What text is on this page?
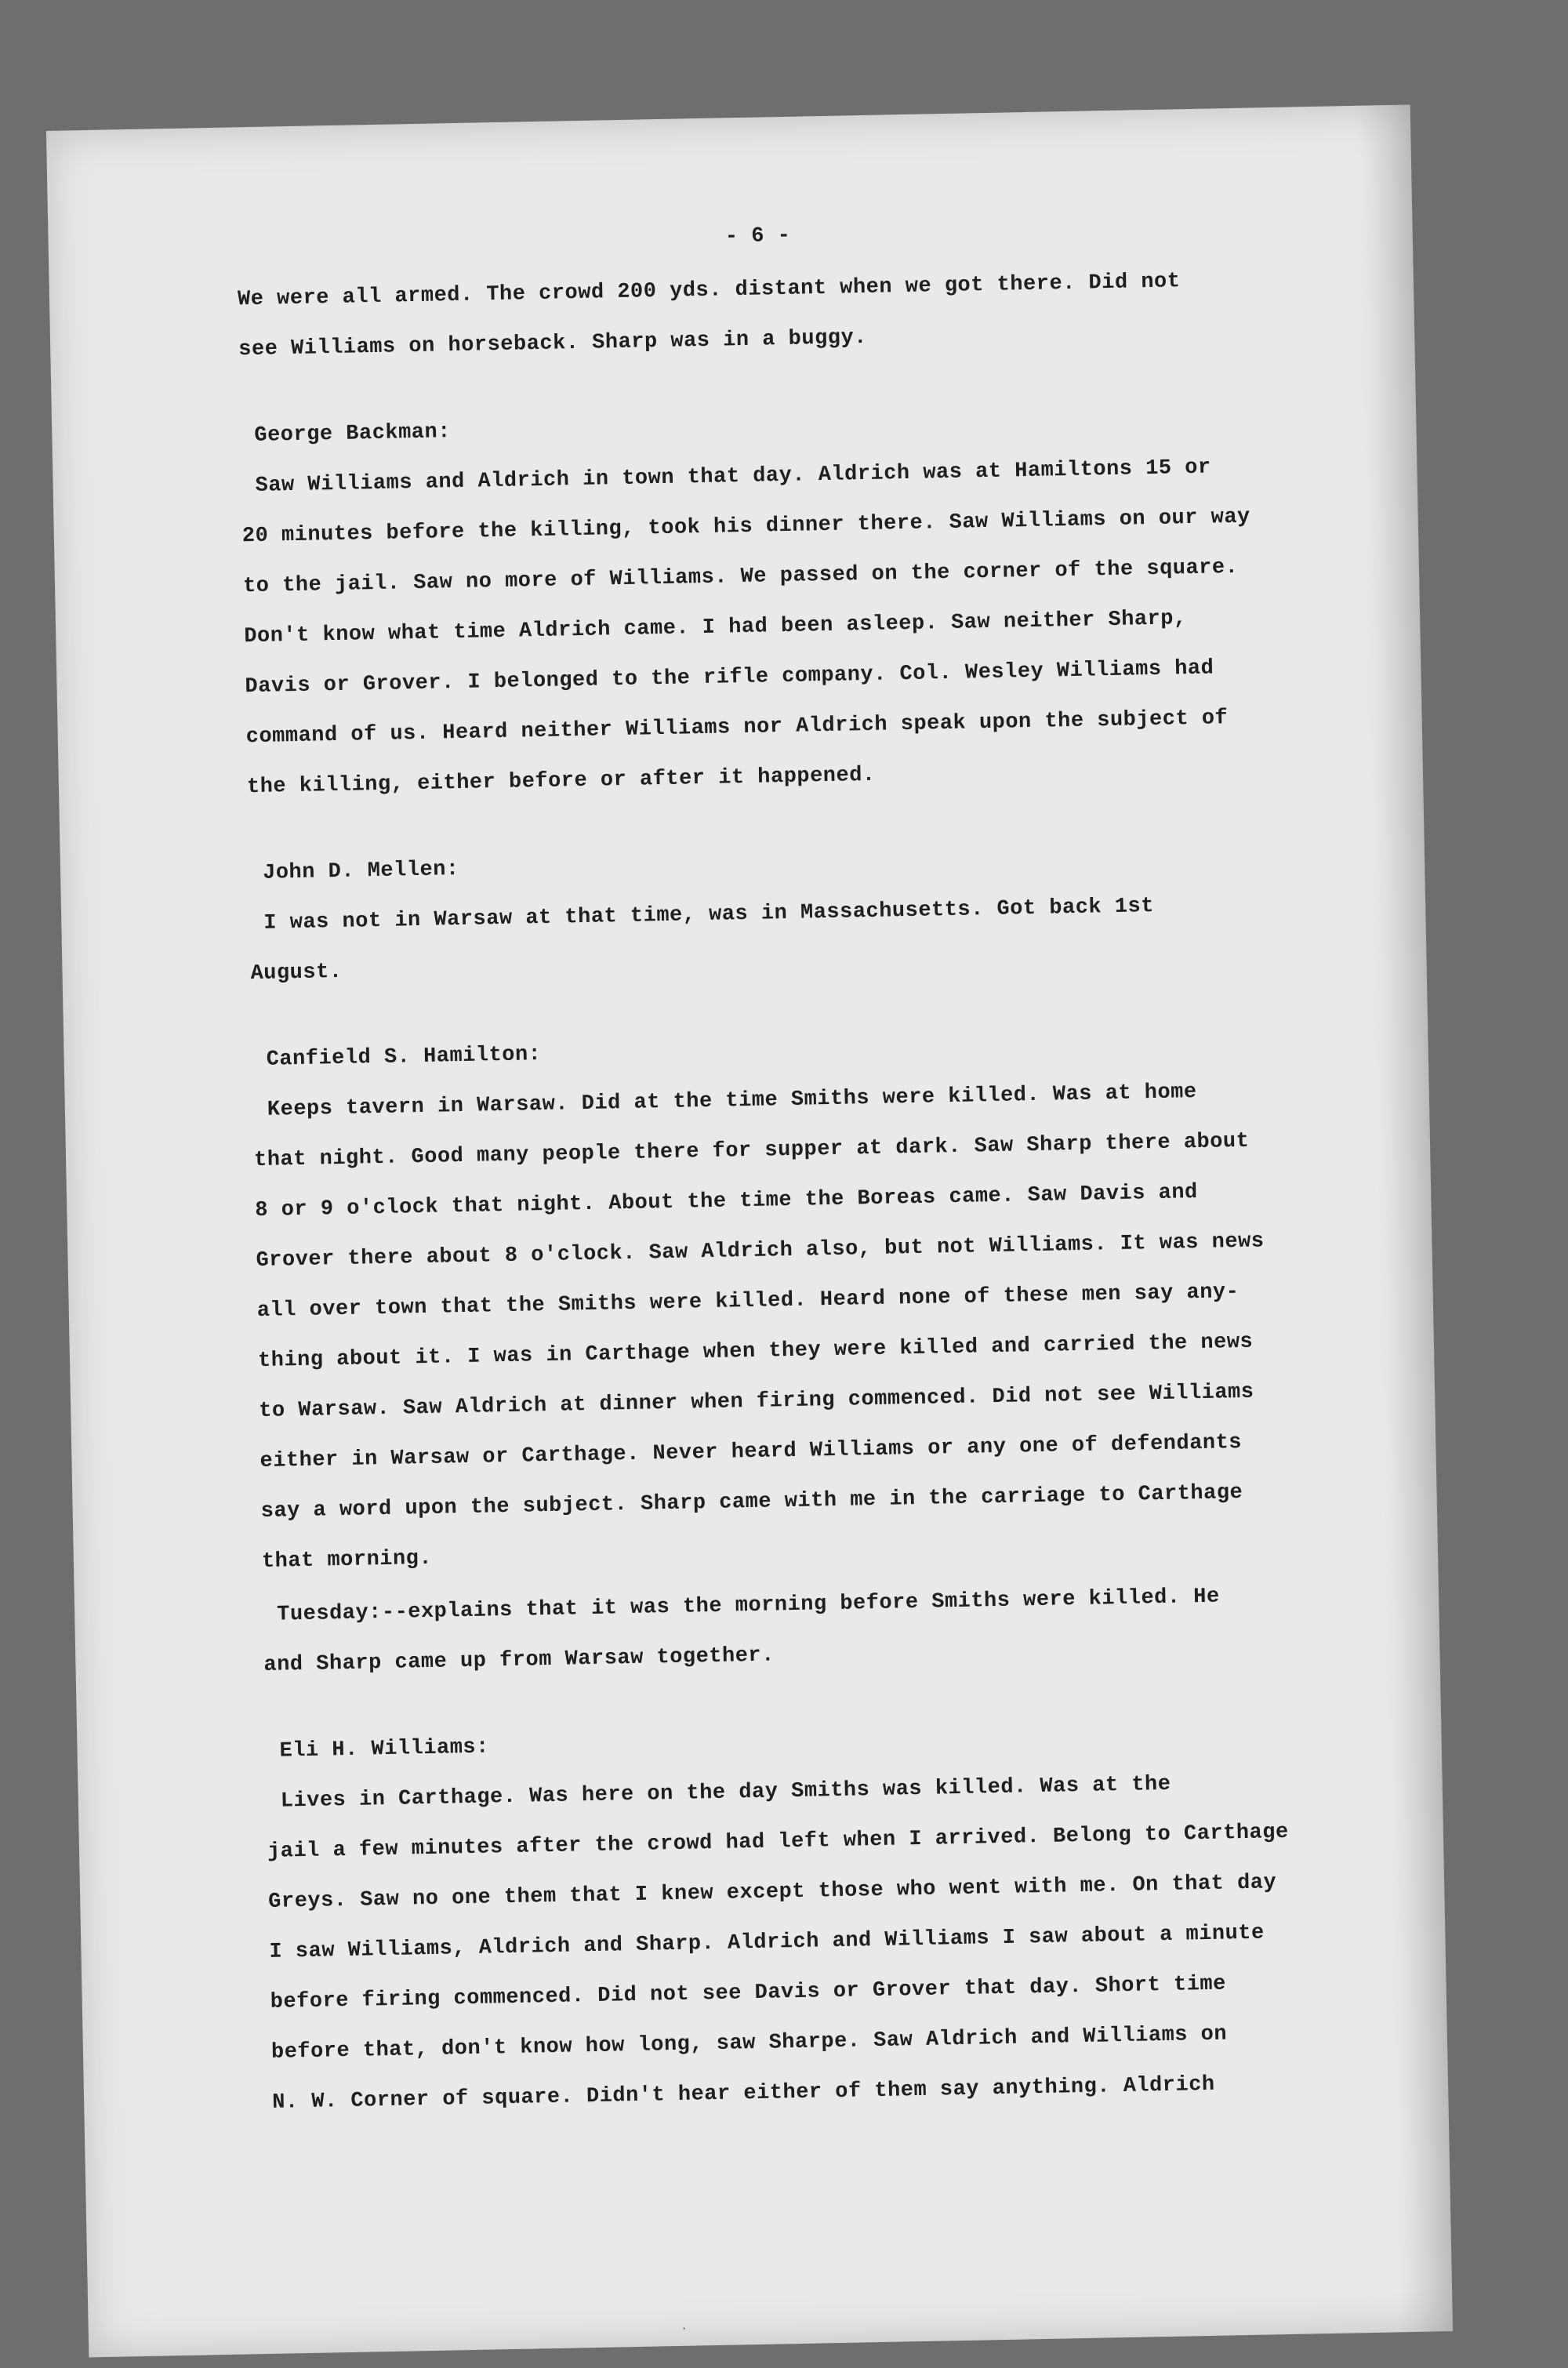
- 6 -

We were all armed. The crowd 200 yds. distant when we got there. Did not
see Williams on horseback. Sharp was in a buggy.

George Backman:

Saw Williams and Aldrich in town that day. Aldrich was at Hamiltons 15 or
20 minutes before the killing, took his dinner there. Saw Williams on our way
to the jail. Saw no more of Williams. We passed on the corner of the square.
Don't know what time Aldrich came. I had been asleep. Saw neither Sharp,
Davis or Grover. I belonged to the rifle company. Col. Wesley Williams had
command of us. Heard neither Williams nor Aldrich speak upon the subject of
the killing, either before or after it happened.

John D. Mellen:

I was not in Warsaw at that time, was in Massachusetts. Got back 1st
August.

Canfield S. Hamilton:

Keeps tavern in Warsaw. Did at the time Smiths were killed. Was at home
that night. Good many people there for supper at dark. Saw Sharp there about
8 or 9 o'clock that night. About the time the Boreas came. Saw Davis and
Grover there about 8 o'clock. Saw Aldrich also, but not Williams. It was news
all over town that the Smiths were killed. Heard none of these men say any-
thing about it. I was in Carthage when they were killed and carried the news
to Warsaw. Saw Aldrich at dinner when firing commenced. Did not see Williams
either in Warsaw or Carthage. Never heard Williams or any one of defendants
say a word upon the subject. Sharp came with me in the carriage to Carthage
that morning.

Tuesday:--explains that it was the morning before Smiths were killed. He
and Sharp came up from Warsaw together.

Eli H. Williams:

Lives in Carthage. Was here on the day Smiths was killed. Was at the
jail a few minutes after the crowd had left when I arrived. Belong to Carthage
Greys. Saw no one them that I knew except those who went with me. On that day
I saw Williams, Aldrich and Sharp. Aldrich and Williams I saw about a minute
before firing commenced. Did not see Davis or Grover that day. Short time
before that, don't know how long, saw Sharpe. Saw Aldrich and Williams on
N. W. Corner of square. Didn't hear either of them say anything. Aldrich

·
